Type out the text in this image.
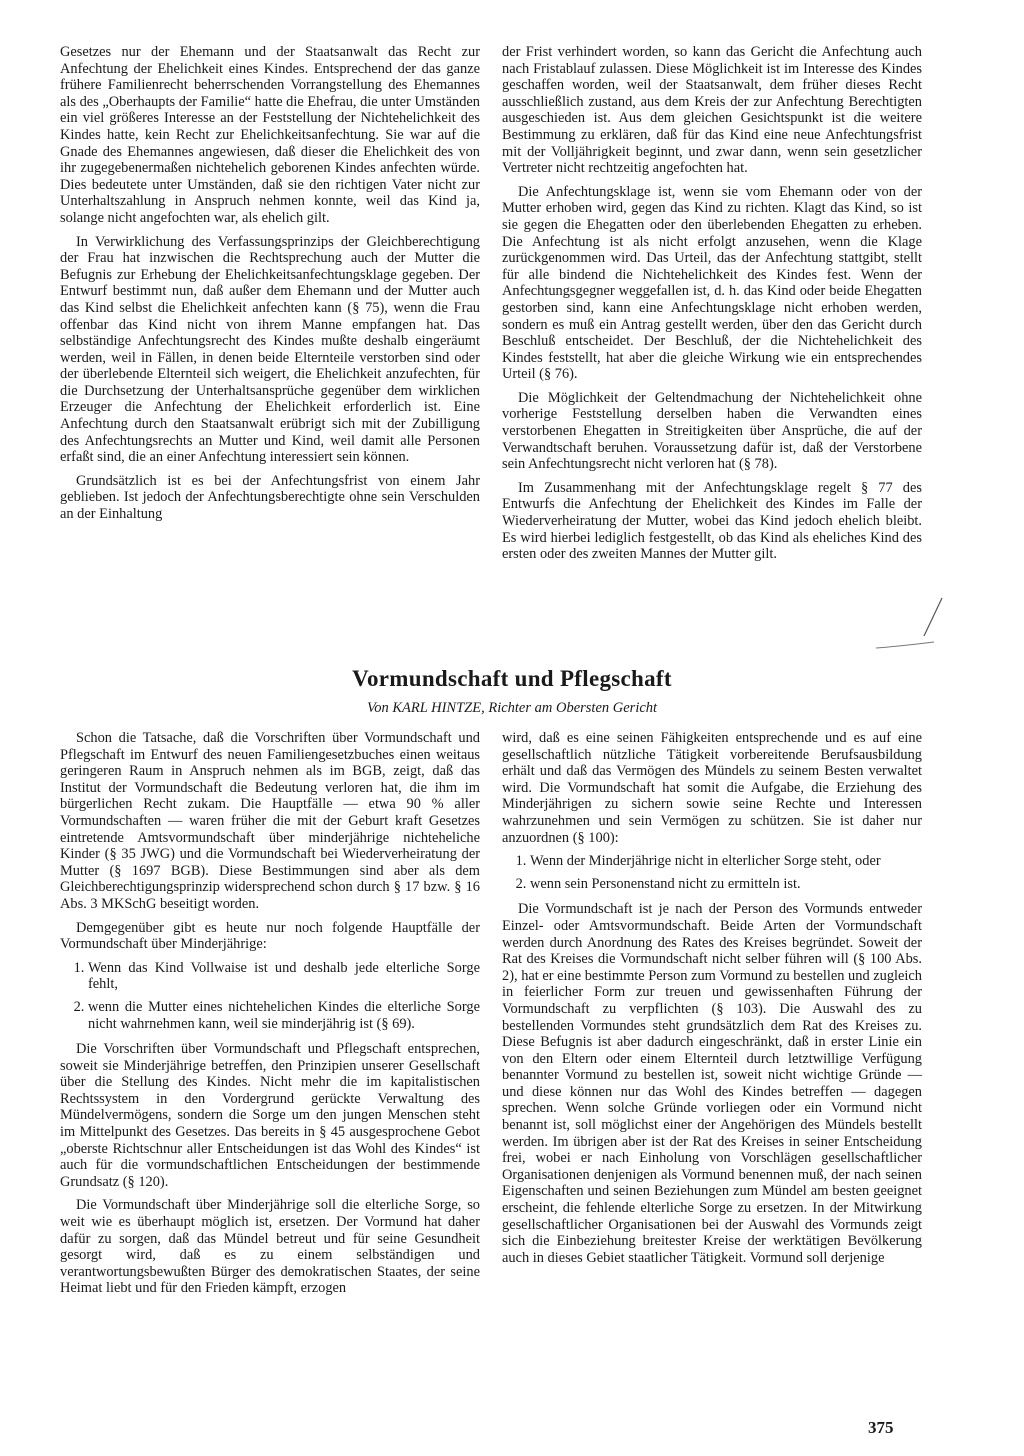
Gesetzes nur der Ehemann und der Staatsanwalt das Recht zur Anfechtung der Ehelichkeit eines Kindes. Entsprechend der das ganze frühere Familienrecht beherrschenden Vorrangstellung des Ehemannes als des „Oberhaupts der Familie“ hatte die Ehefrau, die unter Umständen ein viel größeres Interesse an der Feststellung der Nichtehelichkeit des Kindes hatte, kein Recht zur Ehelichkeitsanfechtung. Sie war auf die Gnade des Ehemannes angewiesen, daß dieser die Ehelichkeit des von ihr zugegebenermaßen nichtehelich geborenen Kindes anfechten würde. Dies bedeutete unter Umständen, daß sie den richtigen Vater nicht zur Unterhaltszahlung in Anspruch nehmen konnte, weil das Kind ja, solange nicht angefochten war, als ehelich gilt.

In Verwirklichung des Verfassungsprinzips der Gleichberechtigung der Frau hat inzwischen die Rechtsprechung auch der Mutter die Befugnis zur Erhebung der Ehelichkeitsanfechtungsklage gegeben. Der Entwurf bestimmt nun, daß außer dem Ehemann und der Mutter auch das Kind selbst die Ehelichkeit anfechten kann (§ 75), wenn die Frau offenbar das Kind nicht von ihrem Manne empfangen hat. Das selbständige Anfechtungsrecht des Kindes mußte deshalb eingeräumt werden, weil in Fällen, in denen beide Elternteile verstorben sind oder der überlebende Elternteil sich weigert, die Ehelichkeit anzufechten, für die Durchsetzung der Unterhaltsansprüche gegenüber dem wirklichen Erzeuger die Anfechtung der Ehelichkeit erforderlich ist. Eine Anfechtung durch den Staatsanwalt erübrigt sich mit der Zubilligung des Anfechtungsrechts an Mutter und Kind, weil damit alle Personen erfaßt sind, die an einer Anfechtung interessiert sein können.

Grundsätzlich ist es bei der Anfechtungsfrist von einem Jahr geblieben. Ist jedoch der Anfechtungsberechtigte ohne sein Verschulden an der Einhaltung

der Frist verhindert worden, so kann das Gericht die Anfechtung auch nach Fristablauf zulassen. Diese Möglichkeit ist im Interesse des Kindes geschaffen worden, weil der Staatsanwalt, dem früher dieses Recht ausschließlich zustand, aus dem Kreis der zur Anfechtung Berechtigten ausgeschieden ist. Aus dem gleichen Gesichtspunkt ist die weitere Bestimmung zu erklären, daß für das Kind eine neue Anfechtungsfrist mit der Volljährigkeit beginnt, und zwar dann, wenn sein gesetzlicher Vertreter nicht rechtzeitig angefochten hat.

Die Anfechtungsklage ist, wenn sie vom Ehemann oder von der Mutter erhoben wird, gegen das Kind zu richten. Klagt das Kind, so ist sie gegen die Ehegatten oder den überlebenden Ehegatten zu erheben. Die Anfechtung ist als nicht erfolgt anzusehen, wenn die Klage zurückgenommen wird. Das Urteil, das der Anfechtung stattgibt, stellt für alle bindend die Nichtehelichkeit des Kindes fest. Wenn der Anfechtungsgegner weggefallen ist, d. h. das Kind oder beide Ehegatten gestorben sind, kann eine Anfechtungsklage nicht erhoben werden, sondern es muß ein Antrag gestellt werden, über den das Gericht durch Beschluß entscheidet. Der Beschluß, der die Nichtehelichkeit des Kindes feststellt, hat aber die gleiche Wirkung wie ein entsprechendes Urteil (§ 76).

Die Möglichkeit der Geltendmachung der Nichtehelichkeit ohne vorherige Feststellung derselben haben die Verwandten eines verstorbenen Ehegatten in Streitigkeiten über Ansprüche, die auf der Verwandtschaft beruhen. Voraussetzung dafür ist, daß der Verstorbene sein Anfechtungsrecht nicht verloren hat (§ 78).

Im Zusammenhang mit der Anfechtungsklage regelt § 77 des Entwurfs die Anfechtung der Ehelichkeit des Kindes im Falle der Wiederverheiratung der Mutter, wobei das Kind jedoch ehelich bleibt. Es wird hierbei lediglich festgestellt, ob das Kind als eheliches Kind des ersten oder des zweiten Mannes der Mutter gilt.

Vormundschaft und Pflegschaft
Von KARL HINTZE, Richter am Obersten Gericht

Schon die Tatsache, daß die Vorschriften über Vormundschaft und Pflegschaft im Entwurf des neuen Familiengesetzbuches einen weitaus geringeren Raum in Anspruch nehmen als im BGB, zeigt, daß das Institut der Vormundschaft die Bedeutung verloren hat, die ihm im bürgerlichen Recht zukam. Die Hauptfälle — etwa 90 % aller Vormundschaften — waren früher die mit der Geburt kraft Gesetzes eintretende Amtsvormundschaft über minderjährige nichteheliche Kinder (§ 35 JWG) und die Vormundschaft bei Wiederverheiratung der Mutter (§ 1697 BGB). Diese Bestimmungen sind aber als dem Gleichberechtigungsprinzip widersprechend schon durch § 17 bzw. § 16 Abs. 3 MKSchG beseitigt worden.

Demgegenüber gibt es heute nur noch folgende Hauptfälle der Vormundschaft über Minderjährige:

1. Wenn das Kind Vollwaise ist und deshalb jede elterliche Sorge fehlt,
2. wenn die Mutter eines nichtehelichen Kindes die elterliche Sorge nicht wahrnehmen kann, weil sie minderjährig ist (§ 69).

Die Vorschriften über Vormundschaft und Pflegschaft entsprechen, soweit sie Minderjährige betreffen, den Prinzipien unserer Gesellschaft über die Stellung des Kindes. Nicht mehr die im kapitalistischen Rechtssystem in den Vordergrund gerückte Verwaltung des Mündelvermögens, sondern die Sorge um den jungen Menschen steht im Mittelpunkt des Gesetzes. Das bereits in § 45 ausgesprochene Gebot „oberste Richtschnur aller Entscheidungen ist das Wohl des Kindes“ ist auch für die vormundschaftlichen Entscheidungen der bestimmende Grundsatz (§ 120).

Die Vormundschaft über Minderjährige soll die elterliche Sorge, so weit wie es überhaupt möglich ist, ersetzen. Der Vormund hat daher dafür zu sorgen, daß das Mündel betreut und für seine Gesundheit gesorgt wird, daß es zu einem selbständigen und verantwortungsbewußten Bürger des demokratischen Staates, der seine Heimat liebt und für den Frieden kämpft, erzogen

wird, daß es eine seinen Fähigkeiten entsprechende und es auf eine gesellschaftlich nützliche Tätigkeit vorbereitende Berufsausbildung erhält und daß das Vermögen des Mündels zu seinem Besten verwaltet wird. Die Vormundschaft hat somit die Aufgabe, die Erziehung des Minderjährigen zu sichern sowie seine Rechte und Interessen wahrzunehmen und sein Vermögen zu schützen. Sie ist daher nur anzuordnen (§ 100):

1. Wenn der Minderjährige nicht in elterlicher Sorge steht, oder
2. wenn sein Personenstand nicht zu ermitteln ist.

Die Vormundschaft ist je nach der Person des Vormunds entweder Einzel- oder Amtsvormundschaft. Beide Arten der Vormundschaft werden durch Anordnung des Rates des Kreises begründet. Soweit der Rat des Kreises die Vormundschaft nicht selber führen will (§ 100 Abs. 2), hat er eine bestimmte Person zum Vormund zu bestellen und zugleich in feierlicher Form zur treuen und gewissenhaften Führung der Vormundschaft zu verpflichten (§ 103). Die Auswahl des zu bestellenden Vormundes steht grundsätzlich dem Rat des Kreises zu. Diese Befugnis ist aber dadurch eingeschränkt, daß in erster Linie ein von den Eltern oder einem Elternteil durch letztwillige Verfügung benannter Vormund zu bestellen ist, soweit nicht wichtige Gründe — und diese können nur das Wohl des Kindes betreffen — dagegen sprechen. Wenn solche Gründe vorliegen oder ein Vormund nicht benannt ist, soll möglichst einer der Angehörigen des Mündels bestellt werden. Im übrigen aber ist der Rat des Kreises in seiner Entscheidung frei, wobei er nach Einholung von Vorschlägen gesellschaftlicher Organisationen denjenigen als Vormund benennen muß, der nach seinen Eigenschaften und seinen Beziehungen zum Mündel am besten geeignet erscheint, die fehlende elterliche Sorge zu ersetzen. In der Mitwirkung gesellschaftlicher Organisationen bei der Auswahl des Vormunds zeigt sich die Einbeziehung breitester Kreise der werktätigen Bevölkerung auch in dieses Gebiet staatlicher Tätigkeit. Vormund soll derjenige

375
